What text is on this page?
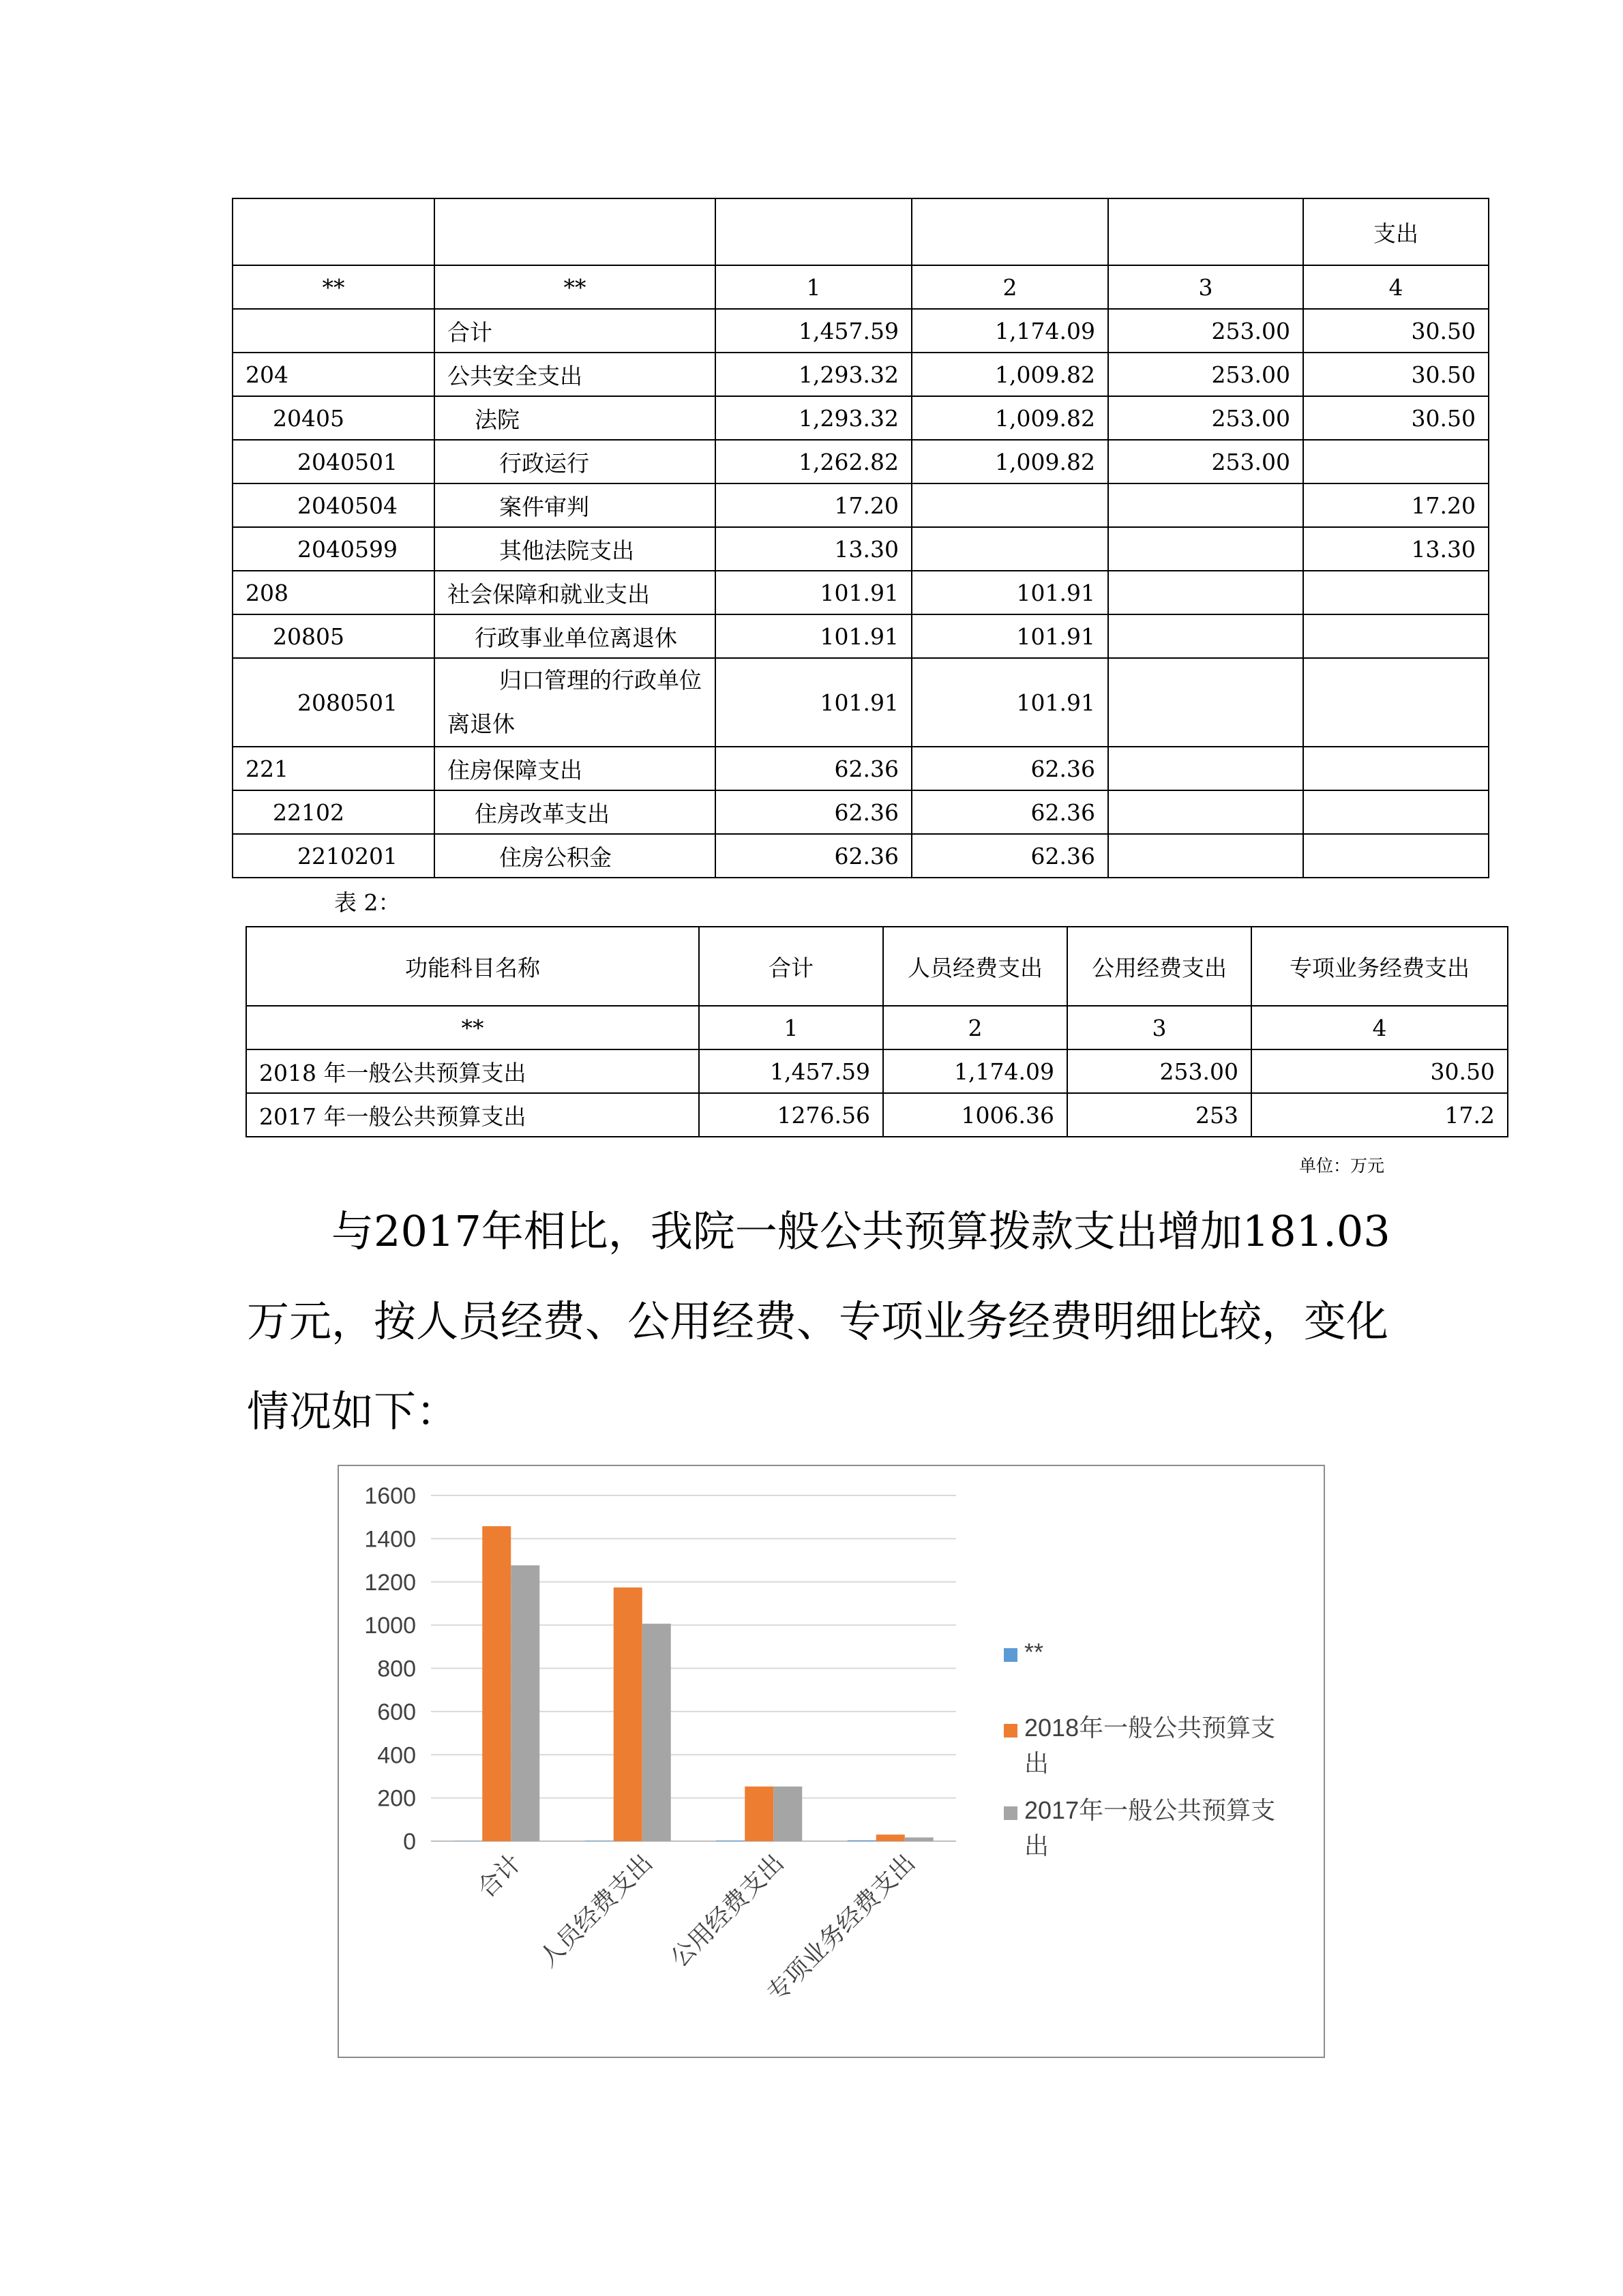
					支出
**	**	1	2	3	4
	合计	1,457.59	1,174.09	253.00	30.50
204	公共安全支出	1,293.32	1,009.82	253.00	30.50
20405	法院	1,293.32	1,009.82	253.00	30.50
2040501	行政运行	1,262.82	1,009.82	253.00	
2040504	案件审判	17.20			17.20
2040599	其他法院支出	13.30			13.30
208	社会保障和就业支出	101.91	101.91		
20805	行政事业单位离退休	101.91	101.91		
2080501	归口管理的行政单位离退休	101.91	101.91		
221	住房保障支出	62.36	62.36		
22102	住房改革支出	62.36	62.36		
2210201	住房公积金	62.36	62.36		
表 2：
功能科目名称	合计	人员经费支出	公用经费支出	专项业务经费支出
**	1	2	3	4
2018 年一般公共预算支出	1,457.59	1,174.09	253.00	30.50
2017 年一般公共预算支出	1276.56	1006.36	253	17.2
单位：万元

与2017年相比，我院一般公共预算拨款支出增加181.03万元，按人员经费、公用经费、专项业务经费明细比较，变化情况如下：

0
200
400
600
800
1000
1200
1400
1600
合计 人员经费支出 公用经费支出
专项业务经费支出
**
2018年一般公共预算支出
2017年一般公共预算支出
